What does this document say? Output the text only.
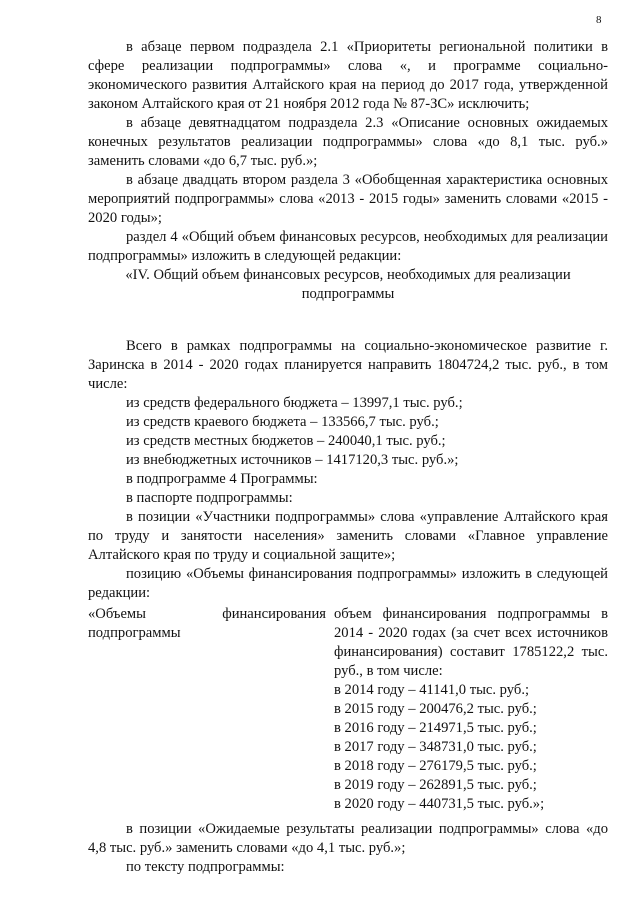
8

в абзаце первом подраздела 2.1 «Приоритеты региональной политики в сфере реализации подпрограммы» слова «, и программе социально-экономического развития Алтайского края на период до 2017 года, утвержденной законом Алтайского края от 21 ноября 2012 года № 87-ЗС» исключить;

в абзаце девятнадцатом подраздела 2.3 «Описание основных ожидаемых конечных результатов реализации подпрограммы» слова «до 8,1 тыс. руб.» заменить словами «до 6,7 тыс. руб.»;

в абзаце двадцать втором раздела 3 «Обобщенная характеристика основных мероприятий подпрограммы» слова «2013 - 2015 годы» заменить словами «2015 - 2020 годы»;

раздел 4 «Общий объем финансовых ресурсов, необходимых для реализации подпрограммы» изложить в следующей редакции:

«IV. Общий объем финансовых ресурсов, необходимых для реализации подпрограммы

Всего в рамках подпрограммы на социально-экономическое развитие г. Заринска в 2014 - 2020 годах планируется направить 1804724,2 тыс. руб., в том числе:

из средств федерального бюджета – 13997,1 тыс. руб.;

из средств краевого бюджета – 133566,7 тыс. руб.;

из средств местных бюджетов – 240040,1 тыс. руб.;

из внебюджетных источников – 1417120,3 тыс. руб.»;

в подпрограмме 4 Программы:

в паспорте подпрограммы:

в позиции «Участники подпрограммы» слова «управление Алтайского края по труду и занятости населения» заменить словами «Главное управление Алтайского края по труду и социальной защите»;

позицию «Объемы финансирования подпрограммы» изложить в следующей редакции:

«Объемы финансирования подпрограммы		
объем финансирования подпрограммы в 2014 - 2020 годах (за счет всех источников финансирования) составит 1785122,2 тыс. руб., в том числе:
в 2014 году – 41141,0 тыс. руб.;
в 2015 году – 200476,2 тыс. руб.;
в 2016 году – 214971,5 тыс. руб.;
в 2017 году – 348731,0 тыс. руб.;
в 2018 году – 276179,5 тыс. руб.;
в 2019 году – 262891,5 тыс. руб.;
в 2020 году – 440731,5 тыс. руб.»;

в позиции «Ожидаемые результаты реализации подпрограммы» слова «до 4,8 тыс. руб.» заменить словами «до 4,1 тыс. руб.»;

по тексту подпрограммы:
